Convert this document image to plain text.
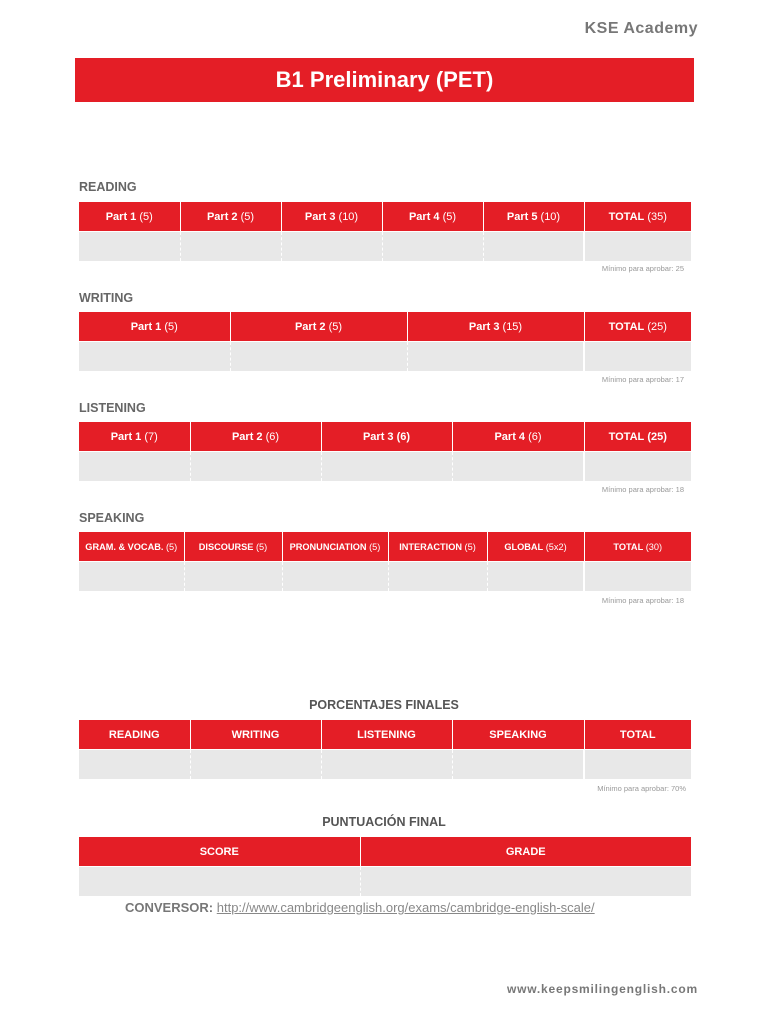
KSE Academy
B1 Preliminary (PET)
READING
Part 1 (5)	Part 2 (5)	Part 3 (10)	Part 4 (5)	Part 5 (10)	TOTAL (35)

Mínimo para aprobar: 25
WRITING
Part 1 (5)	Part 2 (5)	Part 3 (15)	TOTAL (25)

Mínimo para aprobar: 17
LISTENING
Part 1 (7)	Part 2 (6)	Part 3 (6)	Part 4 (6)	TOTAL (25)

Mínimo para aprobar: 18
SPEAKING
GRAM. & VOCAB. (5)	DISCOURSE (5)	PRONUNCIATION (5)	INTERACTION (5)	GLOBAL (5x2)	TOTAL (30)

Mínimo para aprobar: 18
PORCENTAJES FINALES
READING	WRITING	LISTENING	SPEAKING	TOTAL

Mínimo para aprobar: 70%
PUNTUACIÓN FINAL
SCORE	GRADE

CONVERSOR: http://www.cambridgeenglish.org/exams/cambridge-english-scale/
www.keepsmilingenglish.com
